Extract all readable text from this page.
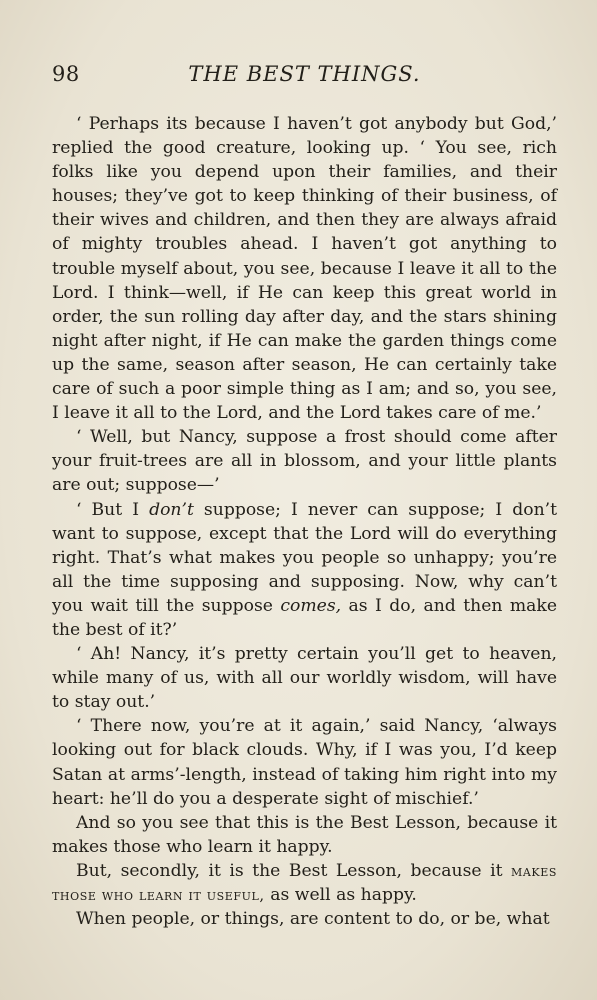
98	THE BEST THINGS.

‘ Perhaps its because I haven’t got anybody but God,’ replied the good creature, looking up. ‘ You see, rich folks like you depend upon their families, and their houses; they’ve got to keep thinking of their business, of their wives and children, and then they are always afraid of mighty troubles ahead. I haven’t got anything to trouble myself about, you see, because I leave it all to the Lord. I think—well, if He can keep this great world in order, the sun rolling day after day, and the stars shining night after night, if He can make the garden things come up the same, season after season, He can certainly take care of such a poor simple thing as I am; and so, you see, I leave it all to the Lord, and the Lord takes care of me.’

‘ Well, but Nancy, suppose a frost should come after your fruit-trees are all in blossom, and your little plants are out; suppose—’

‘ But I don’t suppose; I never can suppose; I don’t want to suppose, except that the Lord will do everything right. That’s what makes you people so unhappy; you’re all the time supposing and supposing. Now, why can’t you wait till the suppose comes, as I do, and then make the best of it?’

‘ Ah! Nancy, it’s pretty certain you’ll get to heaven, while many of us, with all our worldly wisdom, will have to stay out.’

‘ There now, you’re at it again,’ said Nancy, ‘always looking out for black clouds. Why, if I was you, I’d keep Satan at arms’-length, instead of taking him right into my heart: he’ll do you a desperate sight of mischief.’

And so you see that this is the Best Lesson, because it makes those who learn it happy.

But, secondly, it is the Best Lesson, because it makes those who learn it useful, as well as happy.

When people, or things, are content to do, or be, what
